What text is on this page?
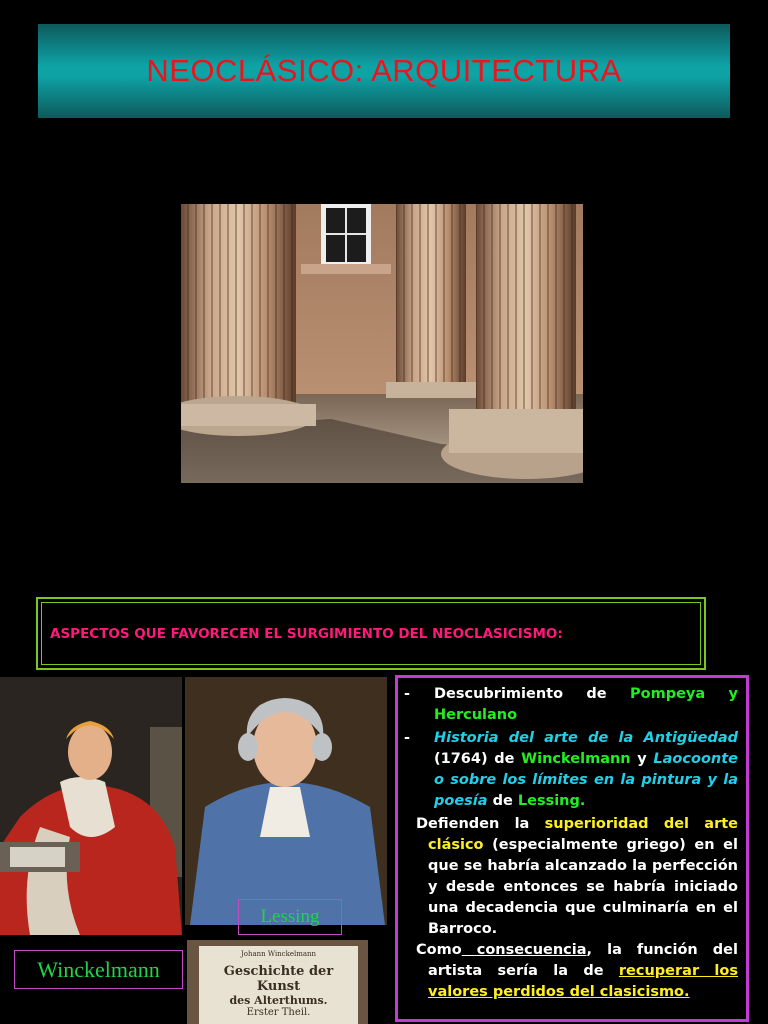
NEOCLÁSICO: ARQUITECTURA
ASPECTOS QUE FAVORECEN EL SURGIMIENTO DEL NEOCLASICISMO:
Lessing
Winckelmann
Johann Winckelmann
· · · · · · · · · · · · · · · · · · · · · ·
Geschichte der Kunst
des Alterthums.
Erster Theil.
- Descubrimiento de Pompeya y Herculano
- Historia del arte de la Antigüedad (1764) de Winckelmann y Laocoonte o sobre los límites en la pintura y la poesía de Lessing.
Defienden la superioridad del arte clásico (especialmente griego) en el que se habría alcanzado la perfección y desde entonces se habría iniciado una decadencia que culminaría en el Barroco.
Como consecuencia, la función del artista sería la de recuperar los valores perdidos del clasicismo.
